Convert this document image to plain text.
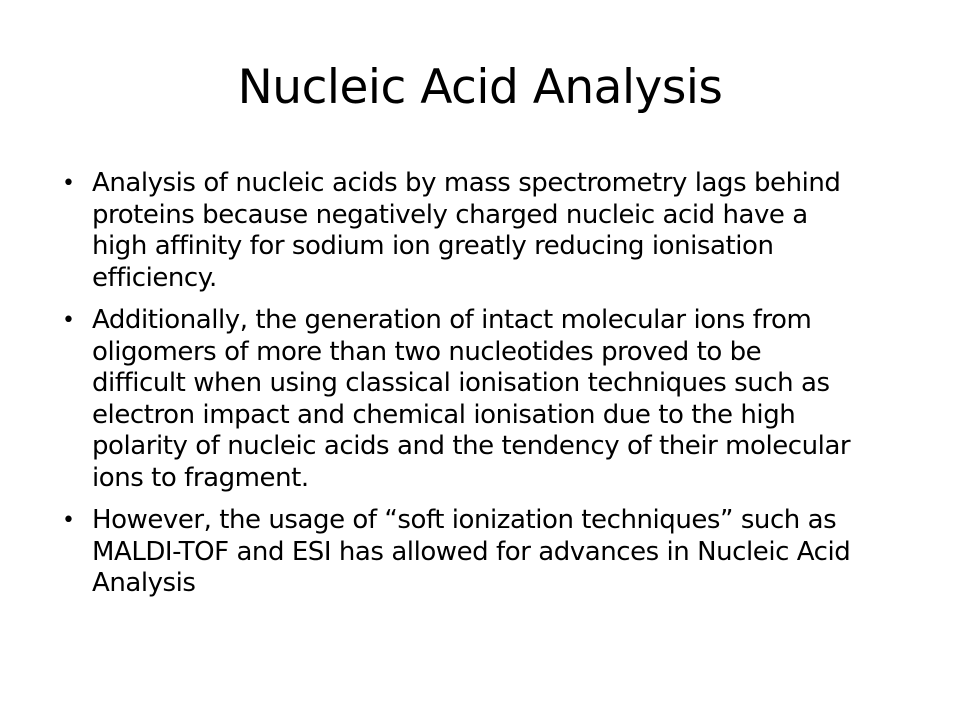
Nucleic Acid Analysis
• Analysis of nucleic acids by mass spectrometry lags behind proteins because negatively charged nucleic acid have a high affinity for sodium ion greatly reducing ionisation efficiency.
• Additionally, the generation of intact molecular ions from oligomers of more than two nucleotides proved to be difficult when using classical ionisation techniques such as electron impact and chemical ionisation due to the high polarity of nucleic acids and the tendency of their molecular ions to fragment.
• However, the usage of “soft ionization techniques” such as MALDI-TOF and ESI has allowed for advances in Nucleic Acid Analysis
